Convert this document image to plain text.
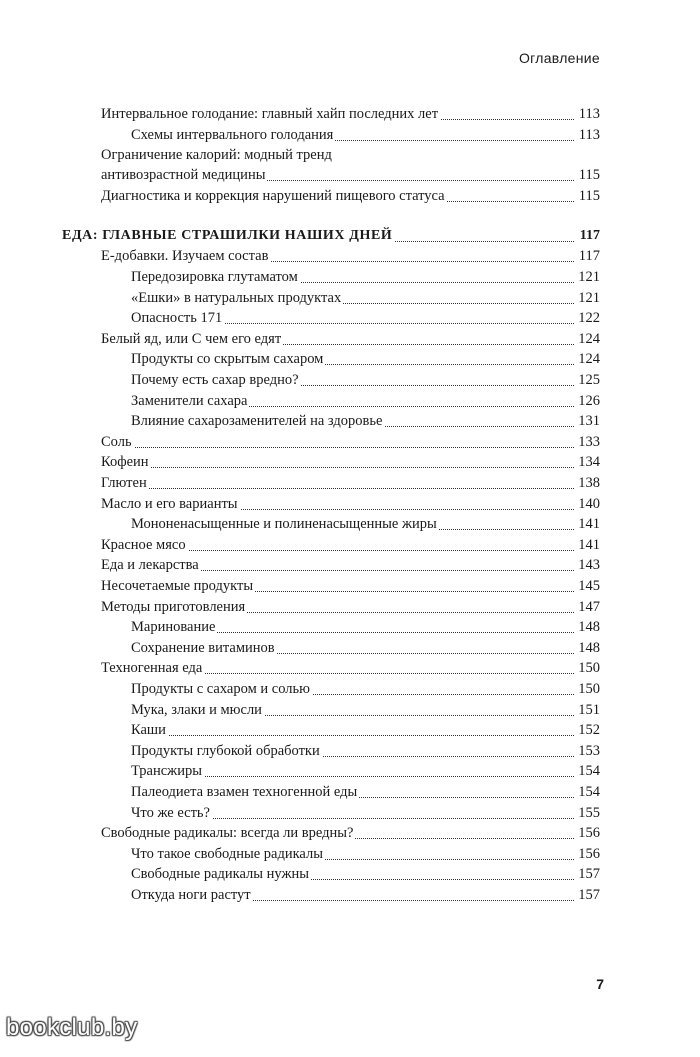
Оглавление
Интервальное голодание: главный хайп последних лет	113
Схемы интервального голодания	113
Ограничение калорий: модный тренд
антивозрастной медицины	115
Диагностика и коррекция нарушений пищевого статуса	115
ЕДА: ГЛАВНЫЕ СТРАШИЛКИ НАШИХ ДНЕЙ	117
Е-добавки. Изучаем состав	117
Передозировка глутаматом	121
«Ешки» в натуральных продуктах	121
Опасность 171	122
Белый яд, или С чем его едят	124
Продукты со скрытым сахаром	124
Почему есть сахар вредно?	125
Заменители сахара	126
Влияние сахарозаменителей на здоровье	131
Соль	133
Кофеин	134
Глютен	138
Масло и его варианты	140
Мононенасыщенные и полиненасыщенные жиры	141
Красное мясо	141
Еда и лекарства	143
Несочетаемые продукты	145
Методы приготовления	147
Маринование	148
Сохранение витаминов	148
Техногенная еда	150
Продукты с сахаром и солью	150
Мука, злаки и мюсли	151
Каши	152
Продукты глубокой обработки	153
Трансжиры	154
Палеодиета взамен техногенной еды	154
Что же есть?	155
Свободные радикалы: всегда ли вредны?	156
Что такое свободные радикалы	156
Свободные радикалы нужны	157
Откуда ноги растут	157
7
bookclub.by
